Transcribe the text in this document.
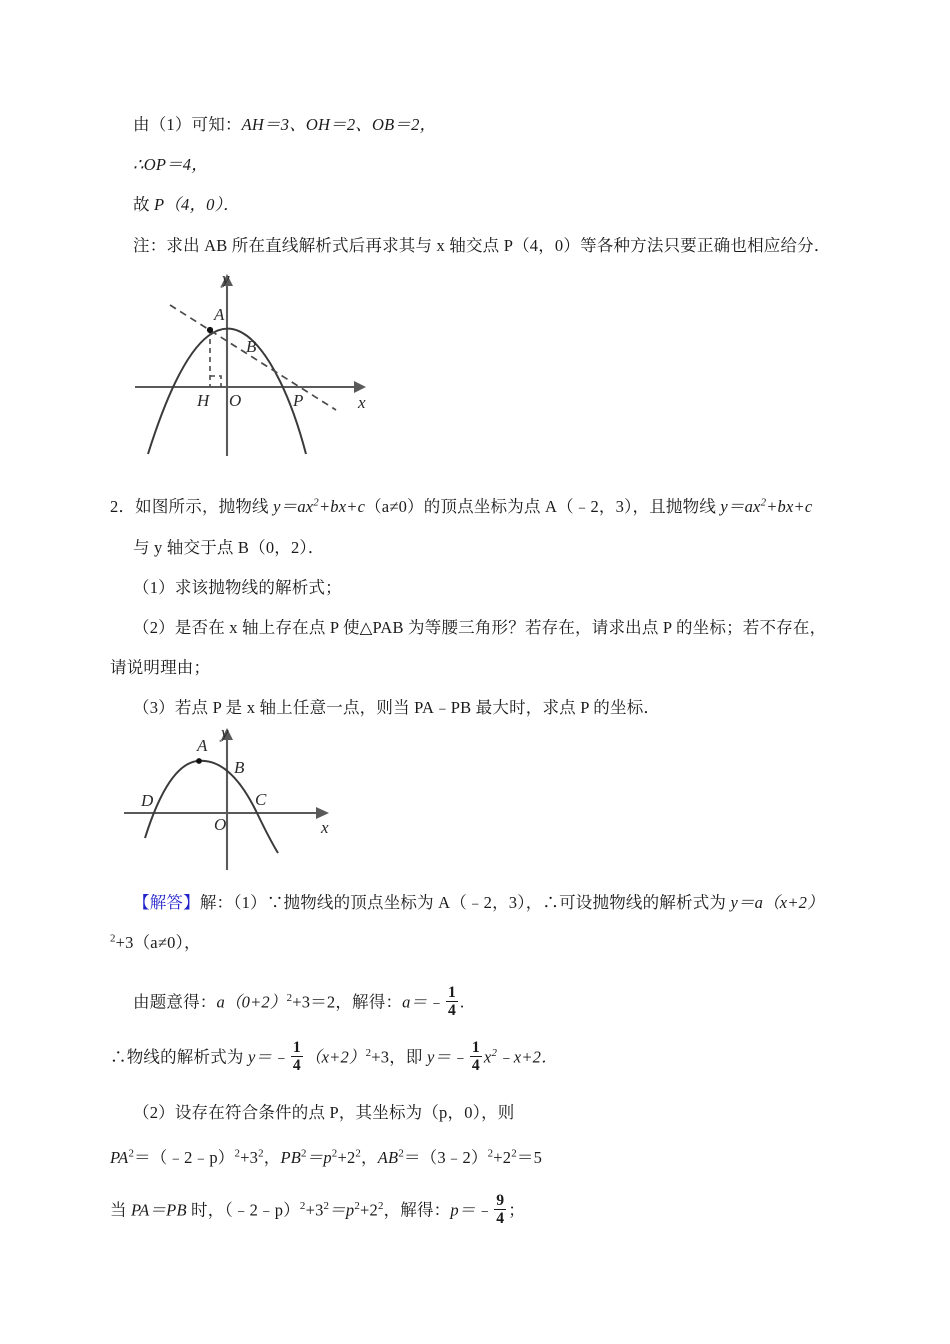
由（1）可知：AH＝3、OH＝2、OB＝2，
∴OP＝4，
故 P（4，0）．
注：求出 AB 所在直线解析式后再求其与 x 轴交点 P（4，0）等各种方法只要正确也相应给分．
A
B
H O	P	x
y
2．如图所示，抛物线 $y=ax^2+bx+c(a\ne 0)$的顶点坐标为点 A（﹣2，3），且抛物线 $y=ax^2+bx+c$
与 y 轴交于点 B（0，2）．
（1）求该抛物线的解析式；
（2）是否在 x 轴上存在点 P 使△PAB 为等腰三角形？若存在，请求出点 P 的坐标；若不存在，
请说明理由；
（3）若点 P 是 x 轴上任意一点，则当 PA﹣PB 最大时，求点 P 的坐标．
A
B
C
D
O	x
y
【解答】解：（1）∵抛物线的顶点坐标为 A（﹣2，3），∴可设抛物线的解析式为 y＝a（x+2）
$^2$+3（a≠0），
由题意得：$a(0+2)^2+3=2$，解得：a＝﹣ $\frac{1}{4}$ .
∴物线的解析式为 y＝﹣ $\frac{1}{4} (x+2)^2+3$，即 y＝﹣ $\frac{1}{4}$ $x^2﹣x+2$．
（2）设存在符合条件的点 P，其坐标为（p，0），则
$PA^2=(﹣2﹣p)^2+3^2$，$PB^2=p^2+2^2$，$AB^2=(3﹣2)^2+2^2=5$
当 PA＝PB 时，$(﹣2﹣p)^2+3^2=p^2+2^2$，解得：p＝﹣ $\frac{9}{4}$ ；
